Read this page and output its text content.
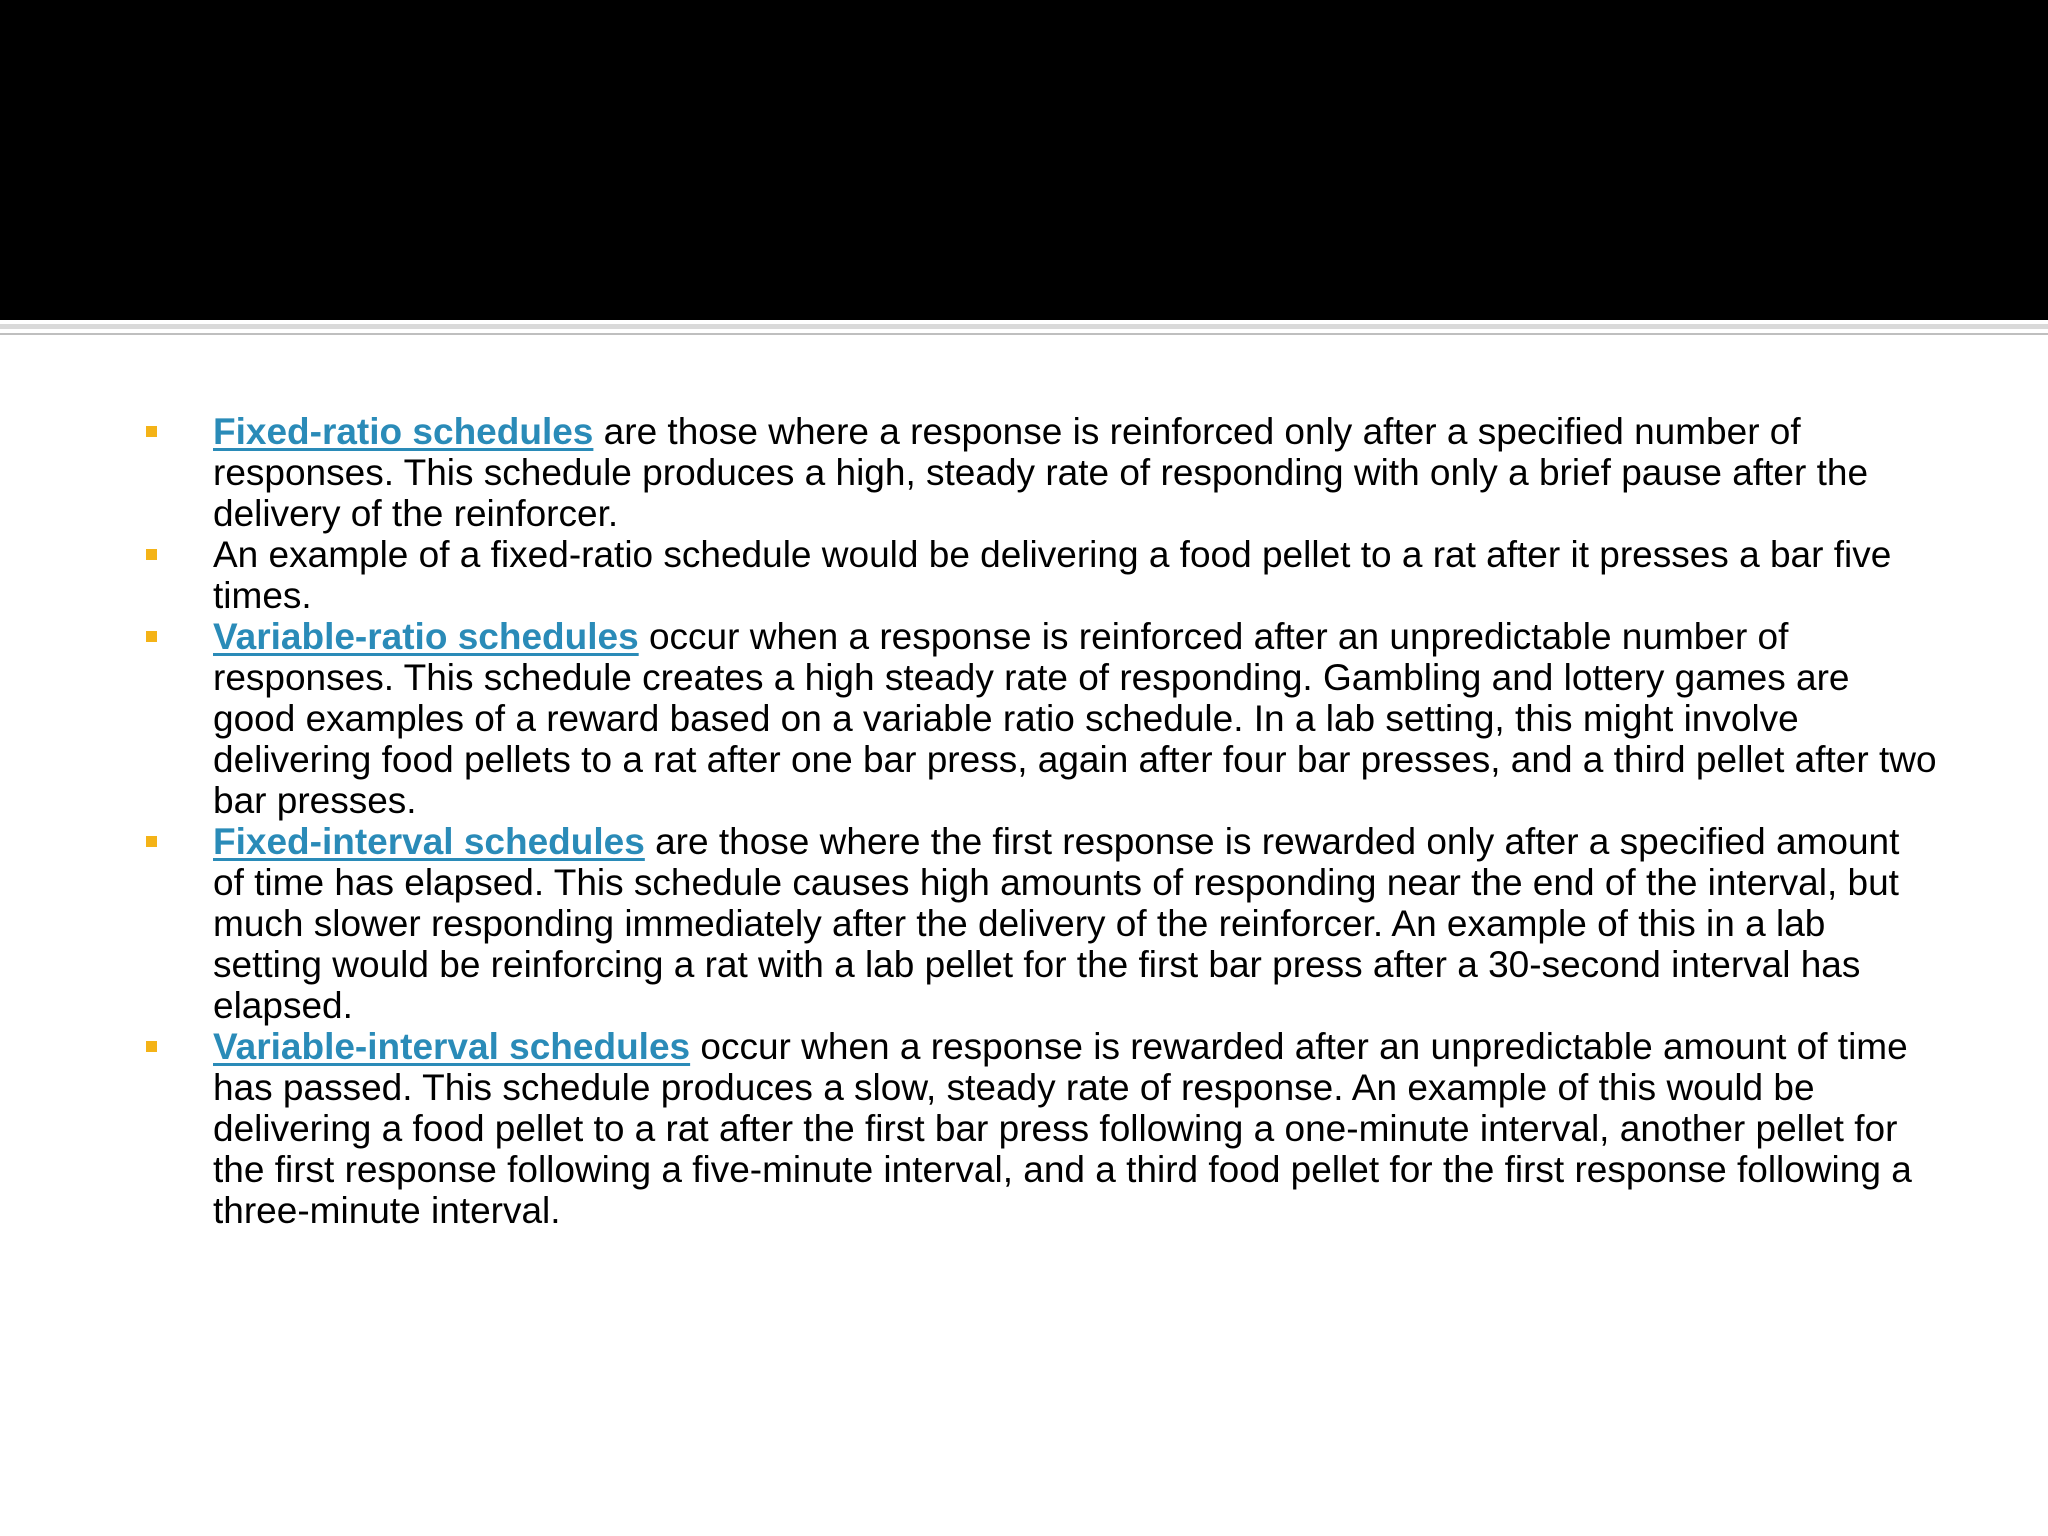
Fixed-ratio schedules are those where a response is reinforced only after a specified number of responses. This schedule produces a high, steady rate of responding with only a brief pause after the delivery of the reinforcer.
An example of a fixed-ratio schedule would be delivering a food pellet to a rat after it presses a bar five times.
Variable-ratio schedules occur when a response is reinforced after an unpredictable number of responses. This schedule creates a high steady rate of responding. Gambling and lottery games are good examples of a reward based on a variable ratio schedule. In a lab setting, this might involve delivering food pellets to a rat after one bar press, again after four bar presses, and a third pellet after two bar presses.
Fixed-interval schedules are those where the first response is rewarded only after a specified amount of time has elapsed. This schedule causes high amounts of responding near the end of the interval, but much slower responding immediately after the delivery of the reinforcer. An example of this in a lab setting would be reinforcing a rat with a lab pellet for the first bar press after a 30-second interval has elapsed.
Variable-interval schedules occur when a response is rewarded after an unpredictable amount of time has passed. This schedule produces a slow, steady rate of response. An example of this would be delivering a food pellet to a rat after the first bar press following a one-minute interval, another pellet for the first response following a five-minute interval, and a third food pellet for the first response following a three-minute interval.
